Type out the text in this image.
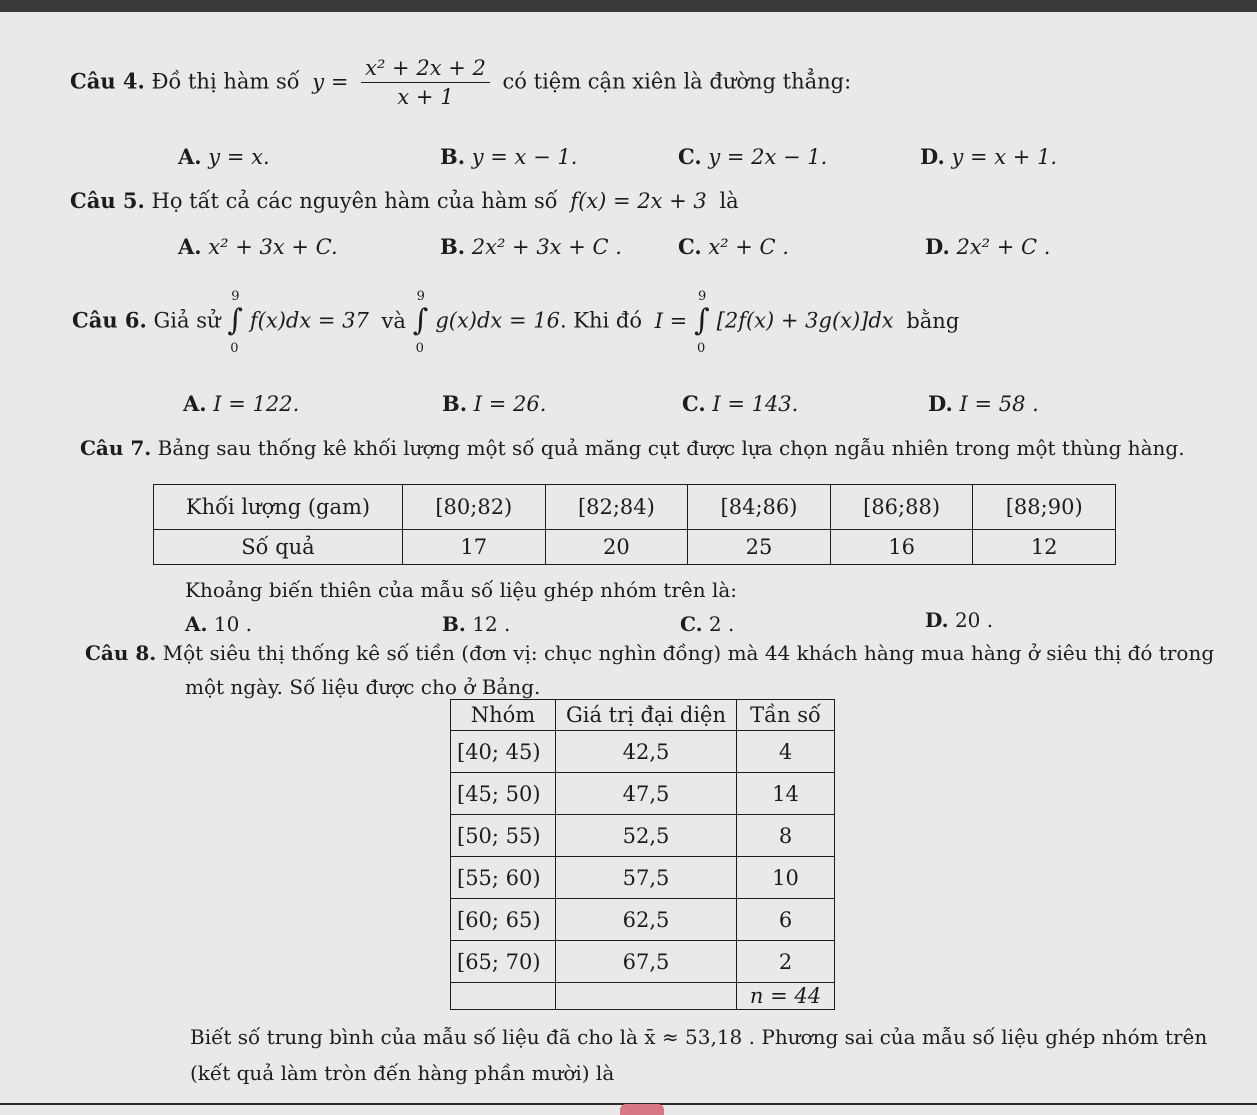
Câu 4. Đồ thị hàm số $y = \frac{\text{x² + 2x + 2}}{x + 1}$ có tiệm cận xiên là đường thẳng:
A. y = x.	B. y = x − 1.	C. y = 2x − 1.	D. y = x + 1.
Câu 5. Họ tất cả các nguyên hàm của hàm số f(x) = 2x + 3 là
A. x² + 3x + C.	B. 2x² + 3x + C .	C. x² + C .	D. 2x² + C .
Câu 6. Giả sử ∫
9
0
f(x)dx = 37 và ∫
9
0
g(x)dx = 16. Khi đó I = ∫
9
0
[2f(x) + 3g(x)]dx bằng
A. I = 122.	B. I = 26.	C. I = 143.	D. I = 58 .
Câu 7. Bảng sau thống kê khối lượng một số quả măng cụt được lựa chọn ngẫu nhiên trong một thùng hàng.
Khối lượng (gam)	[80;82)	[82;84)	[84;86)	[86;88)	[88;90)
Số quả	17	20	25	16	12
Khoảng biến thiên của mẫu số liệu ghép nhóm trên là:
A. 10 .	B. 12 .	C. 2 .	D. 20 .
Câu 8. Một siêu thị thống kê số tiền (đơn vị: chục nghìn đồng) mà 44 khách hàng mua hàng ở siêu thị đó trong
một ngày. Số liệu được cho ở Bảng.
Nhóm	Giá trị đại diện	Tần số
[40; 45)	42,5	4
[45; 50)	47,5	14
[50; 55)	52,5	8
[55; 60)	57,5	10
[60; 65)	62,5	6
[65; 70)	67,5	2
		n = 44
Biết số trung bình của mẫu số liệu đã cho là x̄ ≈ 53,18 . Phương sai của mẫu số liệu ghép nhóm trên
(kết quả làm tròn đến hàng phần mười) là
